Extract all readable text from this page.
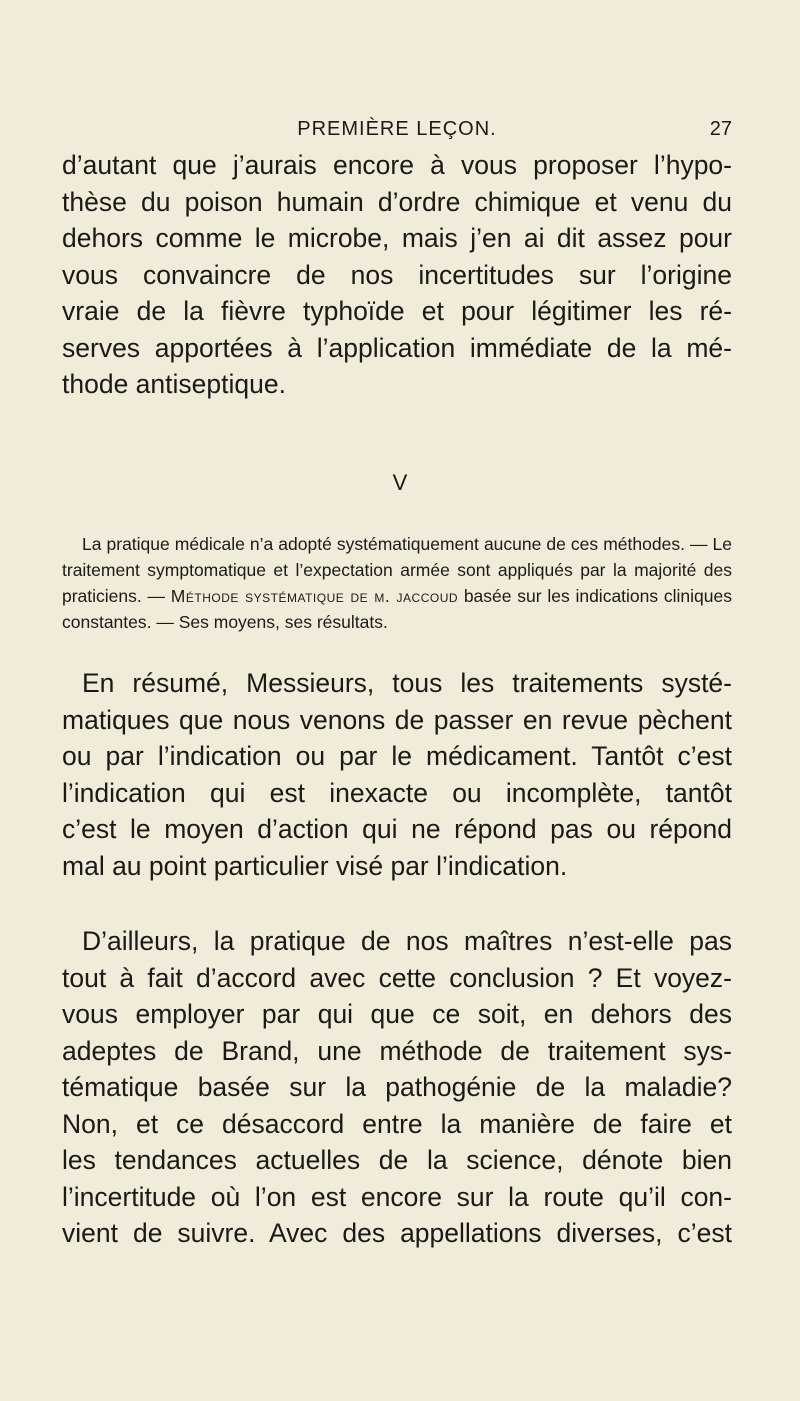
PREMIÈRE LEÇON.	27
d’autant que j’aurais encore à vous proposer l’hypo-
thèse du poison humain d’ordre chimique et venu du
dehors comme le microbe, mais j’en ai dit assez pour
vous convaincre de nos incertitudes sur l’origine
vraie de la fièvre typhoïde et pour légitimer les ré-
serves apportées à l’application immédiate de la mé-
thode antiseptique.
V
La pratique médicale n’a adopté systématiquement aucune de ces méthodes. — Le traitement symptomatique et l’expectation armée sont appliqués par la majorité des praticiens. — Méthode systématique de m. jaccoud basée sur les indications cliniques constantes. — Ses moyens, ses résultats.
En résumé, Messieurs, tous les traitements systé-
matiques que nous venons de passer en revue pèchent
ou par l’indication ou par le médicament. Tantôt c’est
l’indication qui est inexacte ou incomplète, tantôt
c’est le moyen d’action qui ne répond pas ou répond
mal au point particulier visé par l’indication.
D’ailleurs, la pratique de nos maîtres n’est-elle pas
tout à fait d’accord avec cette conclusion ? Et voyez-
vous employer par qui que ce soit, en dehors des
adeptes de Brand, une méthode de traitement sys-
tématique basée sur la pathogénie de la maladie?
Non, et ce désaccord entre la manière de faire et
les tendances actuelles de la science, dénote bien
l’incertitude où l’on est encore sur la route qu’il con-
vient de suivre. Avec des appellations diverses, c’est
